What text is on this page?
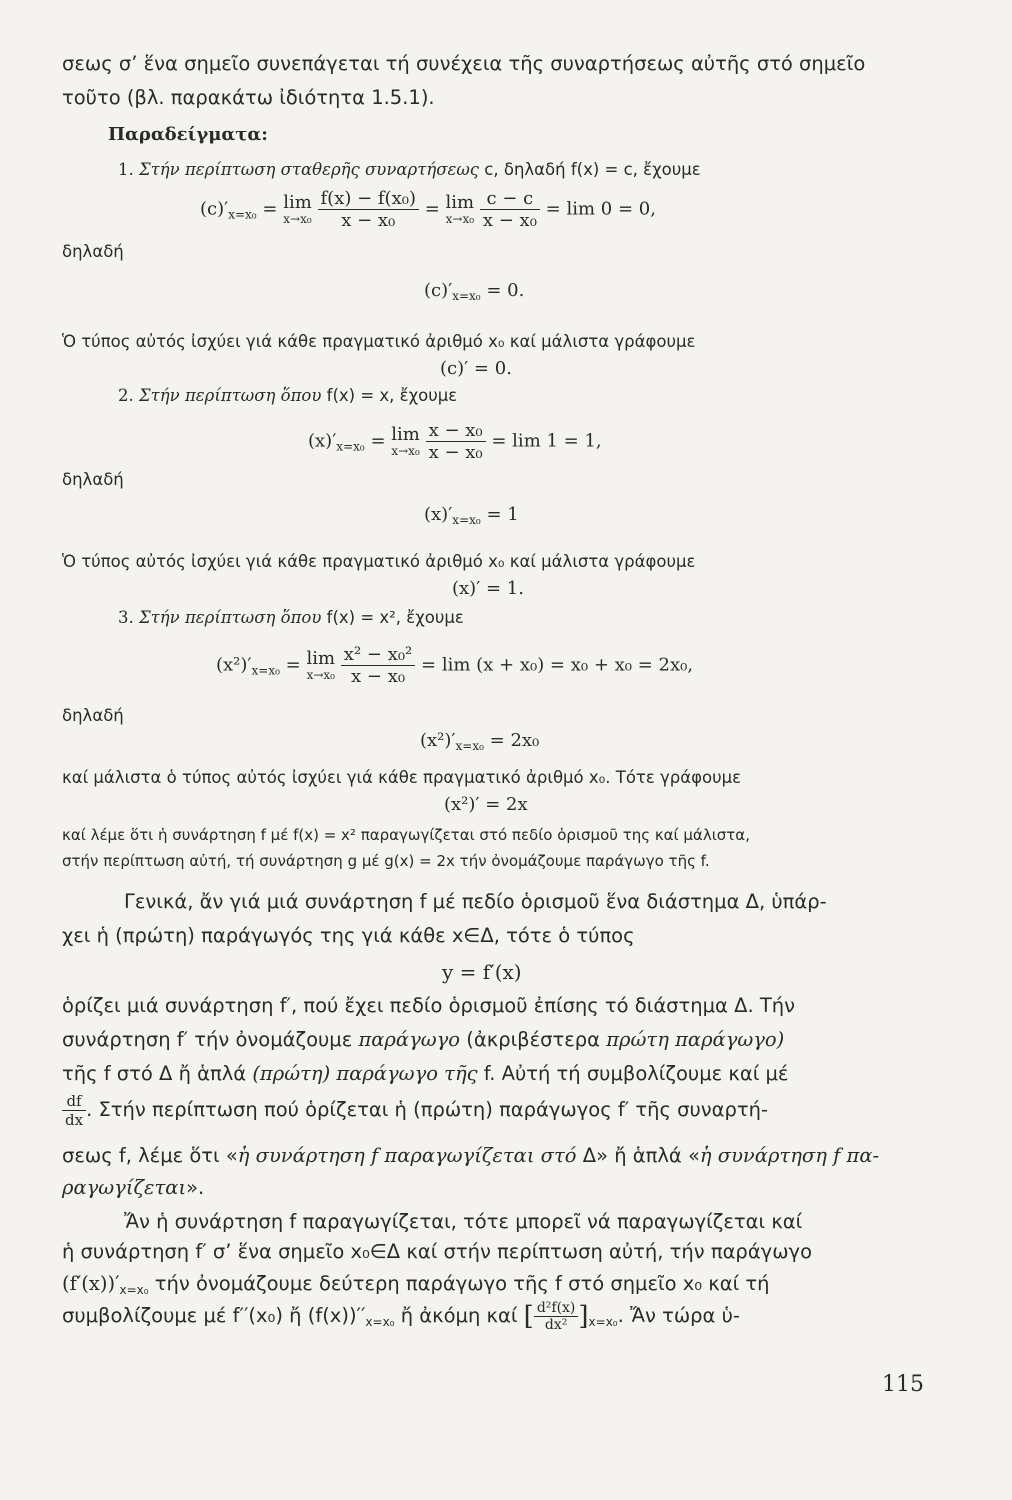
σεως σ’ ἕνα σημεῖο συνεπάγεται τή συνέχεια τῆς συναρτήσεως αὐτῆς στό σημεῖο
τοῦτο (βλ. παρακάτω ἰδιότητα 1.5.1).
Παραδείγματα:
1. Στήν περίπτωση σταθερῆς συναρτήσεως c, δηλαδή f(x) = c, ἔχουμε
$(c)'_{x=x_0} = \lim$
x→x₀
$\frac{\text{f(x) − f(x₀)}}{\text{x − x₀}} = \lim$
x→x₀
$\frac{c - c}{\text{x − x₀}} = \lim 0 = 0$,
δηλαδή
$(c)'_{x=x_0} = 0$.
Ὁ τύπος αὐτός ἰσχύει γιά κάθε πραγματικό ἀριθμό x₀ καί μάλιστα γράφουμε
(c)′ = 0.
2. Στήν περίπτωση ὅπου f(x) = x, ἔχουμε
$(x)'_{x=x_0} = \lim$
x→x₀
$\frac{\text{x − x₀}}{\text{x − x₀}} = \lim 1 = 1$,
δηλαδή
$(x)'_{x=x_0} = 1$
Ὁ τύπος αὐτός ἰσχύει γιά κάθε πραγματικό ἀριθμό x₀ καί μάλιστα γράφουμε
(x)′ = 1.
3. Στήν περίπτωση ὅπου f(x) = x², ἔχουμε
$(x^2)'_{x=x_0} = \lim$
x→x₀
$\frac{\text{x² − x₀²}}{\text{x − x₀}} = \lim (x + x_0) = x_0 + x_0 = 2x_0$,
δηλαδή
$(x^2)'_{x=x_0} = 2x_0$
καί μάλιστα ὁ τύπος αὐτός ἰσχύει γιά κάθε πραγματικό ἀριθμό x₀. Τότε γράφουμε
(x²)′ = 2x
καί λέμε ὅτι ἡ συνάρτηση f μέ f(x) = x² παραγωγίζεται στό πεδίο ὁρισμοῦ της καί μάλιστα,
στήν περίπτωση αὐτή, τή συνάρτηση g μέ g(x) = 2x τήν ὀνομάζουμε παράγωγο τῆς f.
Γενικά, ἄν γιά μιά συνάρτηση f μέ πεδίο ὁρισμοῦ ἕνα διάστημα Δ, ὑπάρ-
χει ἡ (πρώτη) παράγωγός της γιά κάθε x∈Δ, τότε ὁ τύπος
y = f′(x)
ὁρίζει μιά συνάρτηση f′, πού ἔχει πεδίο ὁρισμοῦ ἐπίσης τό διάστημα Δ. Τήν
συνάρτηση f′ τήν ὀνομάζουμε παράγωγο (ἀκριβέστερα πρώτη παράγωγο)
τῆς f στό Δ ἤ ἁπλά (πρώτη) παράγωγο τῆς f. Αὐτή τή συμβολίζουμε καί μέ
$\frac{df}{dx}$ . Στήν περίπτωση πού ὁρίζεται ἡ (πρώτη) παράγωγος f′ τῆς συναρτή-
σεως f, λέμε ὅτι «ἡ συνάρτηση f παραγωγίζεται στό Δ» ἤ ἁπλά «ἡ συνάρτηση f πα-
ραγωγίζεται».
Ἄν ἡ συνάρτηση f παραγωγίζεται, τότε μπορεῖ νά παραγωγίζεται καί
ἡ συνάρτηση f′ σ’ ἕνα σημεῖο x₀∈Δ καί στήν περίπτωση αὐτή, τήν παράγωγο
$(f'(x))'_{x=x_0}$ τήν ὀνομάζουμε δεύτερη παράγωγο τῆς f στό σημεῖο x₀ καί τή
συμβολίζουμε μέ f′′(x₀) ἤ $(f(x))''_{x=x_0}$ ἤ ἀκόμη καί [ $\frac{\text{d²f(x)}}{\text{dx²}} ]_{x=x_0}$. Ἄν τώρα ὑ-
115
